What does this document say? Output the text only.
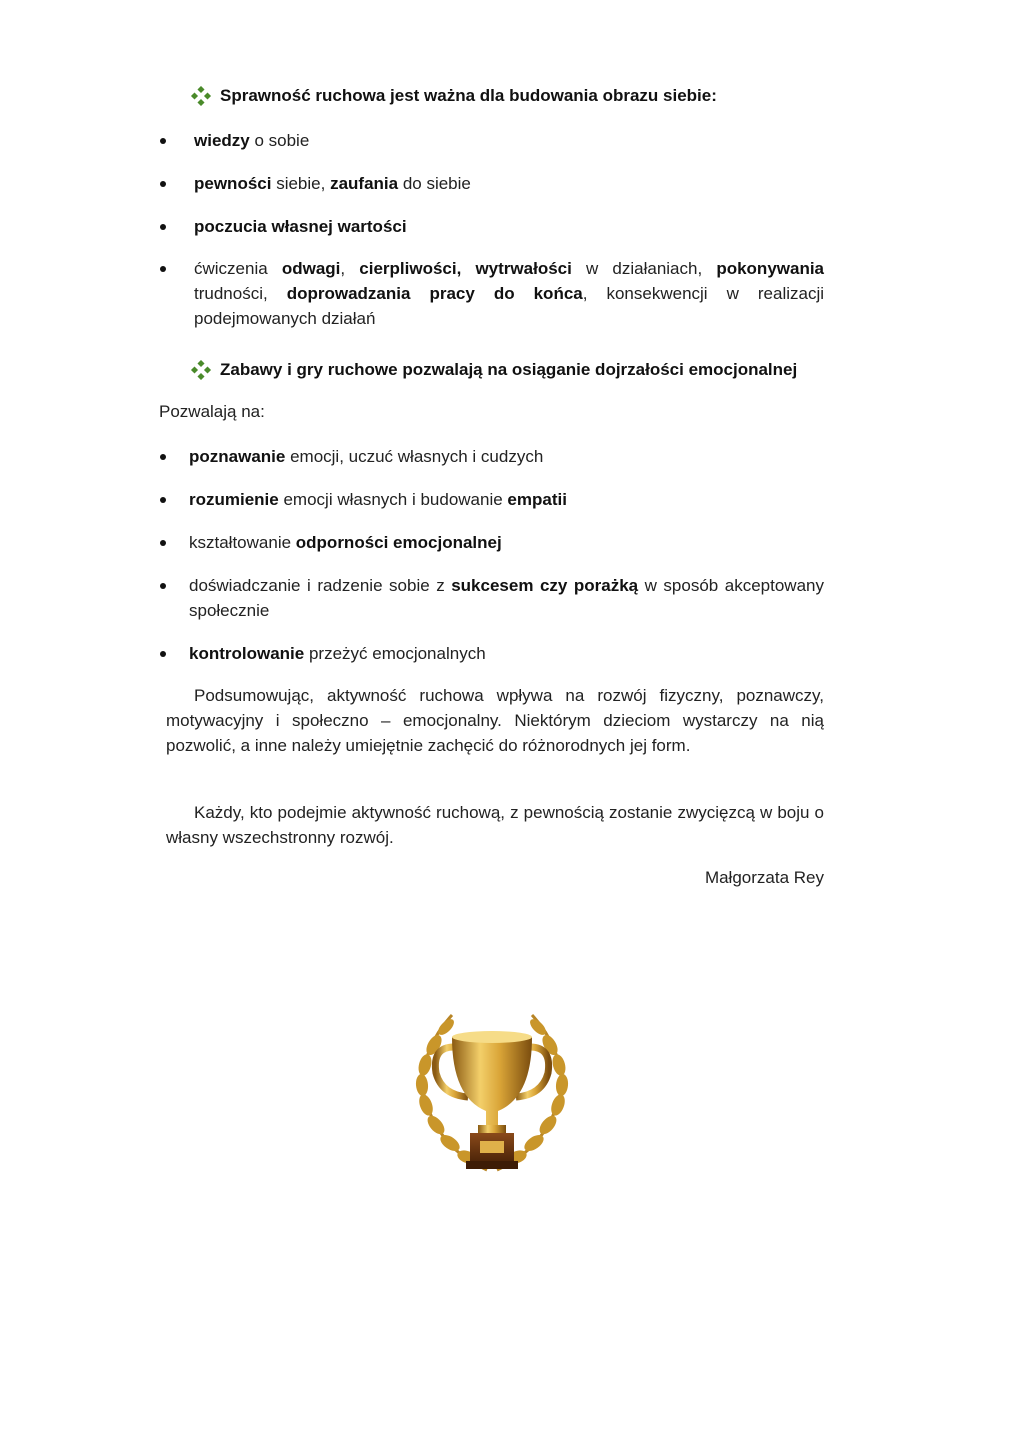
Sprawność ruchowa jest ważna dla budowania obrazu siebie:
wiedzy o sobie
pewności siebie, zaufania do siebie
poczucia własnej wartości
ćwiczenia odwagi, cierpliwości, wytrwałości w działaniach, pokonywania trudności, doprowadzania pracy do końca, konsekwencji w realizacji podejmowanych działań
Zabawy i gry ruchowe pozwalają na osiąganie dojrzałości emocjonalnej
Pozwalają na:
poznawanie emocji, uczuć własnych i cudzych
rozumienie emocji własnych i budowanie empatii
kształtowanie odporności emocjonalnej
doświadczanie i radzenie sobie z sukcesem czy porażką w sposób akceptowany społecznie
kontrolowanie przeżyć emocjonalnych
Podsumowując, aktywność ruchowa wpływa na rozwój fizyczny, poznawczy, motywacyjny i społeczno – emocjonalny. Niektórym dzieciom wystarczy na nią pozwolić, a inne należy umiejętnie zachęcić do różnorodnych jej form.
Każdy, kto podejmie aktywność ruchową, z pewnością zostanie zwycięzcą w boju o własny wszechstronny rozwój.
Małgorzata Rey
